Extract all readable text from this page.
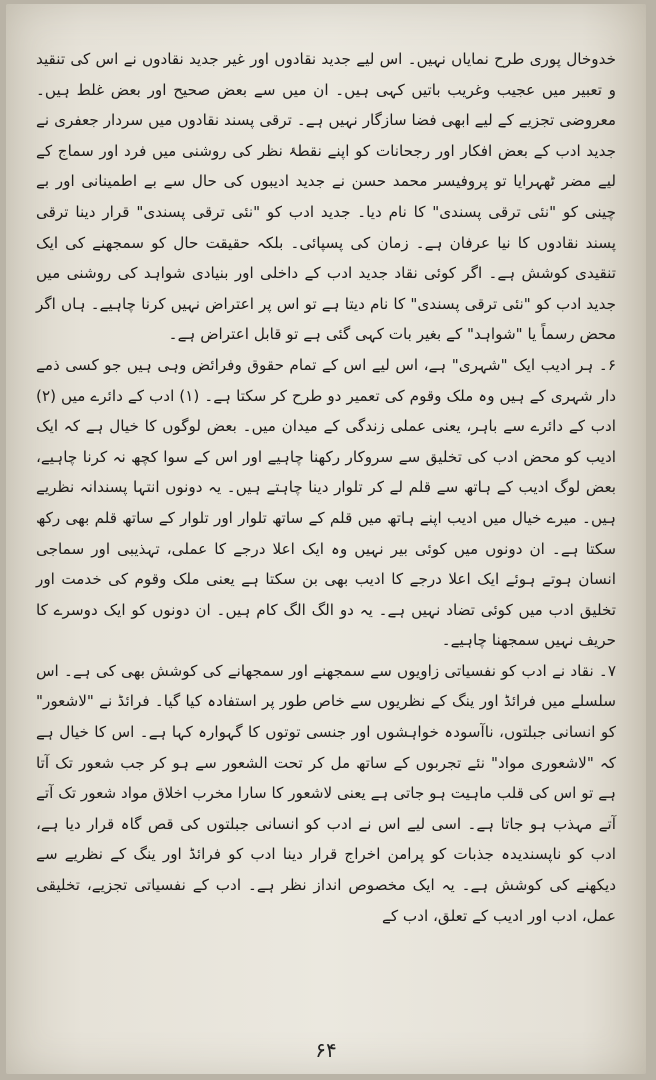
خدوخال پوری طرح نمایاں نہیں۔ اس لیے جدید نقادوں اور غیر جدید نقادوں نے اس کی تنقید و تعبیر میں عجیب وغریب باتیں کہی ہیں۔ ان میں سے بعض صحیح اور بعض غلط ہیں۔ معروضی تجزیے کے لیے ابھی فضا سازگار نہیں ہے۔ ترقی پسند نقادوں میں سردار جعفری نے جدید ادب کے بعض افکار اور رجحانات کو اپنے نقطۂ نظر کی روشنی میں فرد اور سماج کے لیے مضر ٹھہرایا تو پروفیسر محمد حسن نے جدید ادیبوں کی حال سے بے اطمینانی اور بے چینی کو "نئی ترقی پسندی" کا نام دیا۔ جدید ادب کو "نئی ترقی پسندی" قرار دینا ترقی پسند نقادوں کا نیا عرفان ہے۔ زمان کی پسپائی۔ بلکہ حقیقت حال کو سمجھنے کی ایک تنقیدی کوشش ہے۔ اگر کوئی نقاد جدید ادب کے داخلی اور بنیادی شواہد کی روشنی میں جدید ادب کو "نئی ترقی پسندی" کا نام دیتا ہے تو اس پر اعتراض نہیں کرنا چاہیے۔ ہاں اگر محض رسماً یا "شواہد" کے بغیر بات کہی گئی ہے تو قابل اعتراض ہے۔

۶۔ ہر ادیب ایک "شہری" ہے، اس لیے اس کے تمام حقوق وفرائض وہی ہیں جو کسی ذمے دار شہری کے ہیں وہ ملک وقوم کی تعمیر دو طرح کر سکتا ہے۔ (۱) ادب کے دائرے میں (۲) ادب کے دائرے سے باہر، یعنی عملی زندگی کے میدان میں۔ بعض لوگوں کا خیال ہے کہ ایک ادیب کو محض ادب کی تخلیق سے سروکار رکھنا چاہیے اور اس کے سوا کچھ نہ کرنا چاہیے، بعض لوگ ادیب کے ہاتھ سے قلم لے کر تلوار دینا چاہتے ہیں۔ یہ دونوں انتہا پسندانہ نظریے ہیں۔ میرے خیال میں ادیب اپنے ہاتھ میں قلم کے ساتھ تلوار اور تلوار کے ساتھ قلم بھی رکھ سکتا ہے۔ ان دونوں میں کوئی بیر نہیں وہ ایک اعلا درجے کا عملی، تہذیبی اور سماجی انسان ہوتے ہوئے ایک اعلا درجے کا ادیب بھی بن سکتا ہے یعنی ملک وقوم کی خدمت اور تخلیق ادب میں کوئی تضاد نہیں ہے۔ یہ دو الگ الگ کام ہیں۔ ان دونوں کو ایک دوسرے کا حریف نہیں سمجھنا چاہیے۔

۷۔ نقاد نے ادب کو نفسیاتی زاویوں سے سمجھنے اور سمجھانے کی کوشش بھی کی ہے۔ اس سلسلے میں فرائڈ اور ینگ کے نظریوں سے خاص طور پر استفادہ کیا گیا۔ فرائڈ نے "لاشعور" کو انسانی جبلتوں، ناآسودہ خواہشوں اور جنسی توتوں کا گہوارہ کہا ہے۔ اس کا خیال ہے کہ "لاشعوری مواد" نئے تجربوں کے ساتھ مل کر تحت الشعور سے ہو کر جب شعور تک آتا ہے تو اس کی قلب ماہیت ہو جاتی ہے یعنی لاشعور کا سارا مخرب اخلاق مواد شعور تک آتے آتے مہذب ہو جاتا ہے۔ اسی لیے اس نے ادب کو انسانی جبلتوں کی قص گاہ قرار دیا ہے، ادب کو ناپسندیدہ جذبات کو پرامن اخراج قرار دینا ادب کو فرائڈ اور ینگ کے نظریے سے دیکھنے کی کوشش ہے۔ یہ ایک مخصوص انداز نظر ہے۔ ادب کے نفسیاتی تجزیے، تخلیقی عمل، ادب اور ادیب کے تعلق، ادب کے

۶۴
